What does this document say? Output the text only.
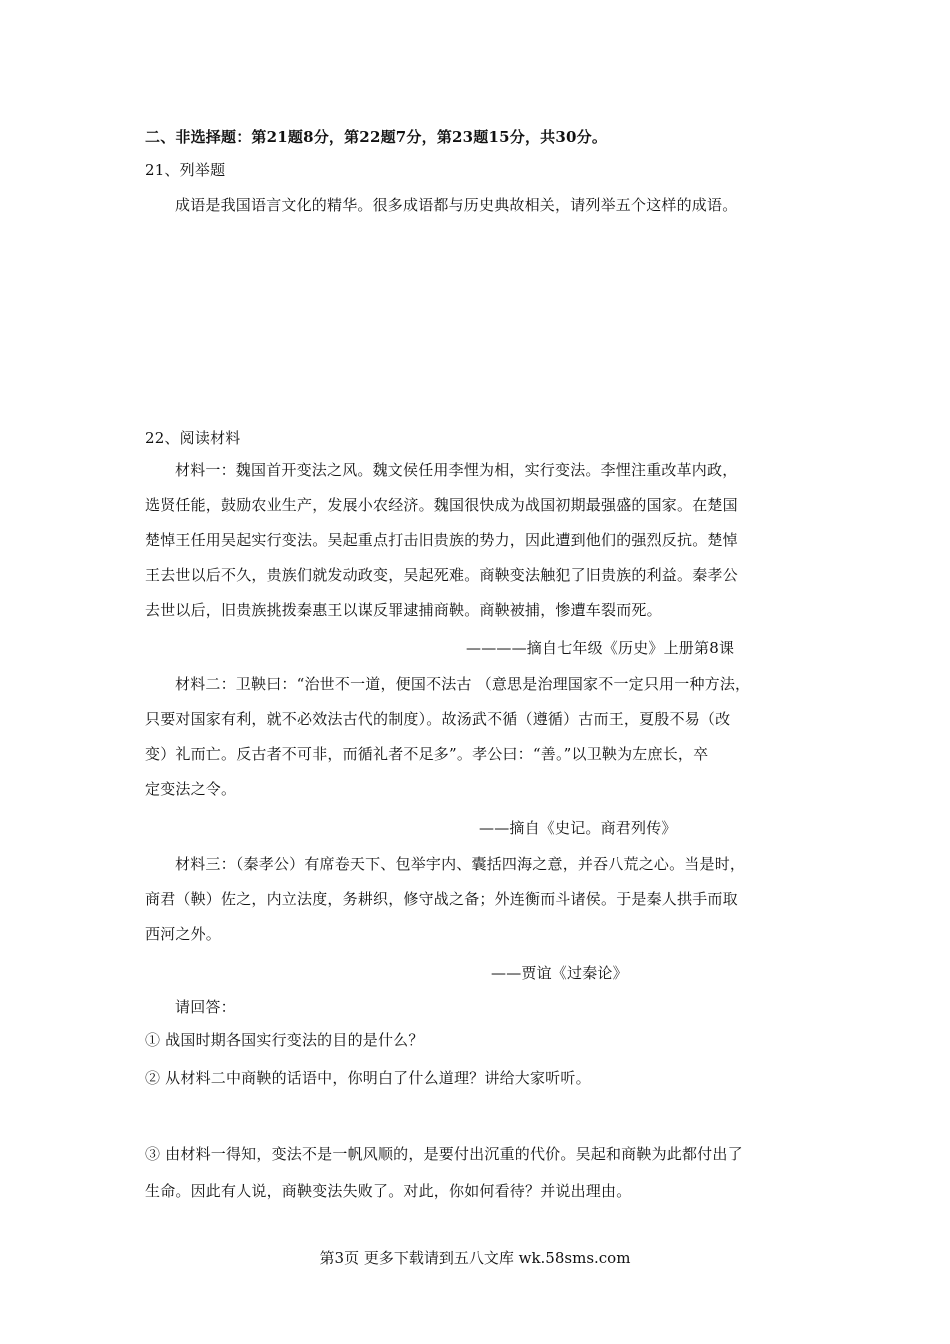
二、非选择题：第21题8分，第22题7分，第23题15分，共30分。
21、列举题
成语是我国语言文化的精华。很多成语都与历史典故相关，请列举五个这样的成语。
22、阅读材料
材料一：魏国首开变法之风。魏文侯任用李悝为相，实行变法。李悝注重改革内政，
选贤任能，鼓励农业生产，发展小农经济。魏国很快成为战国初期最强盛的国家。在楚国
楚悼王任用吴起实行变法。吴起重点打击旧贵族的势力，因此遭到他们的强烈反抗。楚悼
王去世以后不久，贵族们就发动政变，吴起死难。商鞅变法触犯了旧贵族的利益。秦孝公
去世以后，旧贵族挑拨秦惠王以谋反罪逮捕商鞅。商鞅被捕，惨遭车裂而死。
————摘自七年级《历史》上册第8课
材料二：卫鞅曰：“治世不一道，便国不法古 （意思是治理国家不一定只用一种方法，
只要对国家有利，就不必效法古代的制度）。故汤武不循（遵循）古而王，夏殷不易（改
变）礼而亡。反古者不可非，而循礼者不足多”。孝公曰：“善。”以卫鞅为左庶长，卒
定变法之令。
——摘自《史记。商君列传》
材料三：（秦孝公）有席卷天下、包举宇内、囊括四海之意，并吞八荒之心。当是时，
商君（鞅）佐之，内立法度，务耕织，修守战之备；外连衡而斗诸侯。于是秦人拱手而取
西河之外。
——贾谊《过秦论》
请回答：
① 战国时期各国实行变法的目的是什么？
② 从材料二中商鞅的话语中，你明白了什么道理？讲给大家听听。
③ 由材料一得知，变法不是一帆风顺的，是要付出沉重的代价。吴起和商鞅为此都付出了
生命。因此有人说，商鞅变法失败了。对此，你如何看待？并说出理由。
第3页 更多下载请到五八文库 wk.58sms.com
